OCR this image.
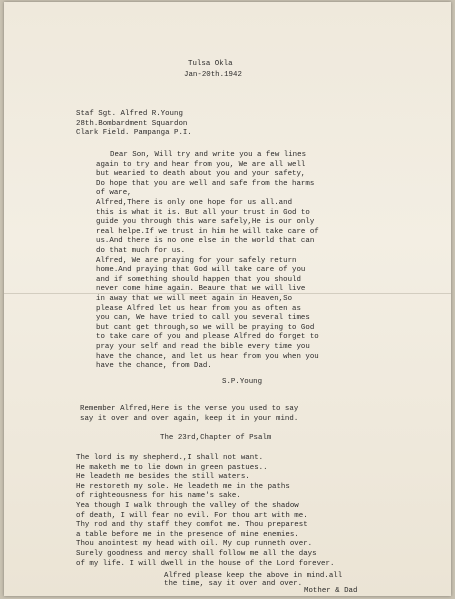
Tulsa Okla
Jan-20th.1942
Staf Sgt. Alfred R.Young
28th.Bombardment Squardon
Clark Field. Pampanga P.I.
Dear Son, Will try and write you a few lines
again to try and hear from you, We are all well
but wearied to death about you and your safety,
Do hope that you are well and safe from the harms
of ware,
Alfred,There is only one hope for us all.and
this is what it is. But all your trust in God to
guide you through this ware safely,He is our only
real helpe.If we trust in him he will take care of
us.And there is no one else in the world that can
do that much for us.
Alfred, We are praying for your safely return
home.And praying that God will take care of you
and if something should happen that you should
never come hime again. Beaure that we will live
in away that we will meet again in Heaven,So
please Alfred let us hear from you as often as
you can, We have tried to call you several times
but cant get through,so we will be praying to God
to take care of you and please Alfred do forget to
pray your self and read the bible every time you
have the chance, and let us hear from you when you
have the chance, from Dad.
S.P.Young
Remember Alfred,Here is the verse you used to say
say it over and over again, keep it in your mind.
The 23rd,Chapter of Psalm
The lord is my shepherd.,I shall not want.
He maketh me to lie down in green pastues..
He leadeth me besides the still waters.
He restoreth my sole. He leadeth me in the paths
of righteousness for his name's sake.
Yea though I walk through the valley of the shadow
of death, I will fear no evil. For thou art with me.
Thy rod and thy staff they comfot me. Thou preparest
a table before me in the presence of mine enemies.
Thou anointest my head with oil. My cup runneth over.
Surely goodness and mercy shall follow me all the days
of my life. I will dwell in the house of the Lord forever.
Alfred please keep the above in mind.all
the time, say it over and over.
Mother & Dad
